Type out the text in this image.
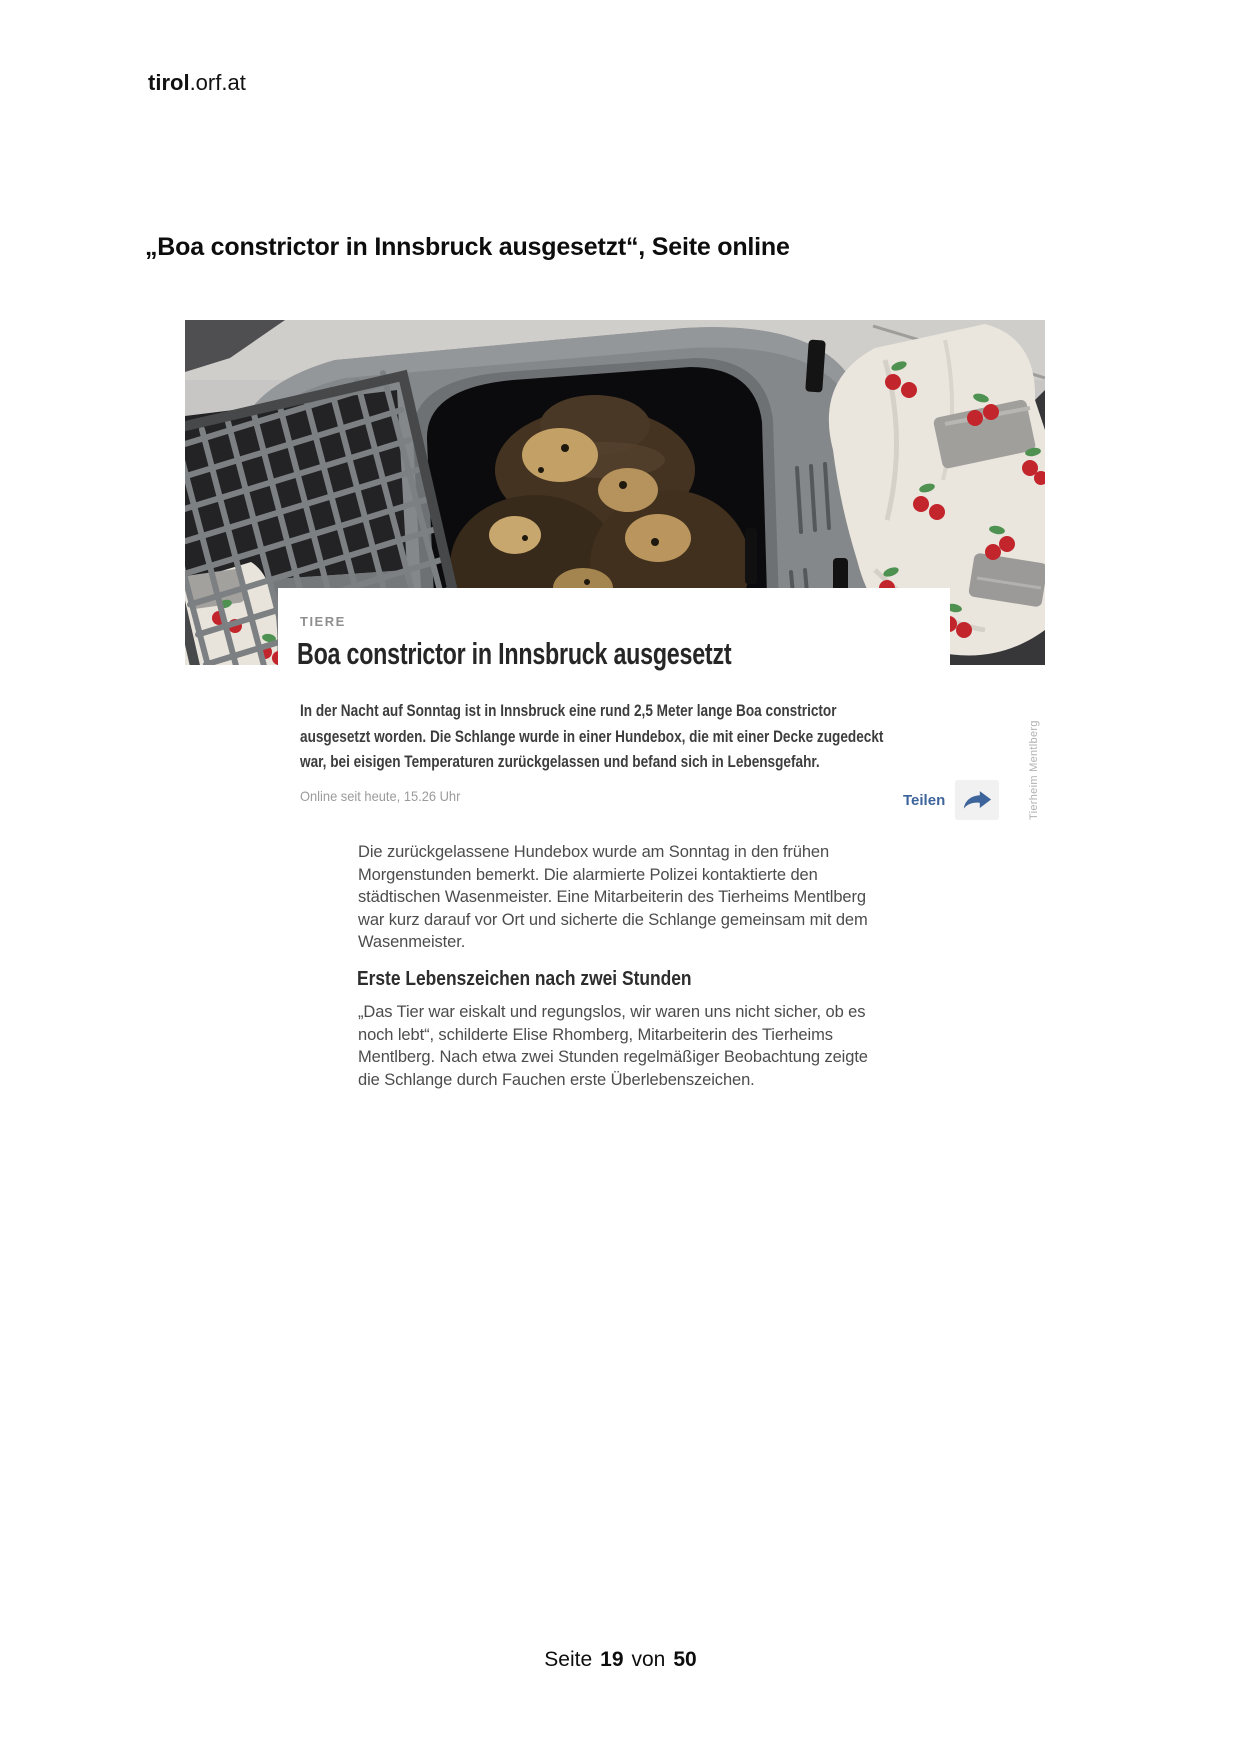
tirol.orf.at
„Boa constrictor in Innsbruck ausgesetzt“, Seite online
TIERE
Boa constrictor in Innsbruck ausgesetzt
In der Nacht auf Sonntag ist in Innsbruck eine rund 2,5 Meter lange Boa constrictor
ausgesetzt worden. Die Schlange wurde in einer Hundebox, die mit einer Decke zugedeckt
war, bei eisigen Temperaturen zurückgelassen und befand sich in Lebensgefahr.
Online seit heute, 15.26 Uhr	Teilen	Tierheim Mentlberg
Die zurückgelassene Hundebox wurde am Sonntag in den frühen
Morgenstunden bemerkt. Die alarmierte Polizei kontaktierte den
städtischen Wasenmeister. Eine Mitarbeiterin des Tierheims Mentlberg
war kurz darauf vor Ort und sicherte die Schlange gemeinsam mit dem
Wasenmeister.
Erste Lebenszeichen nach zwei Stunden
„Das Tier war eiskalt und regungslos, wir waren uns nicht sicher, ob es
noch lebt“, schilderte Elise Rhomberg, Mitarbeiterin des Tierheims
Mentlberg. Nach etwa zwei Stunden regelmäßiger Beobachtung zeigte
die Schlange durch Fauchen erste Überlebenszeichen.
Seite 19 von 50
